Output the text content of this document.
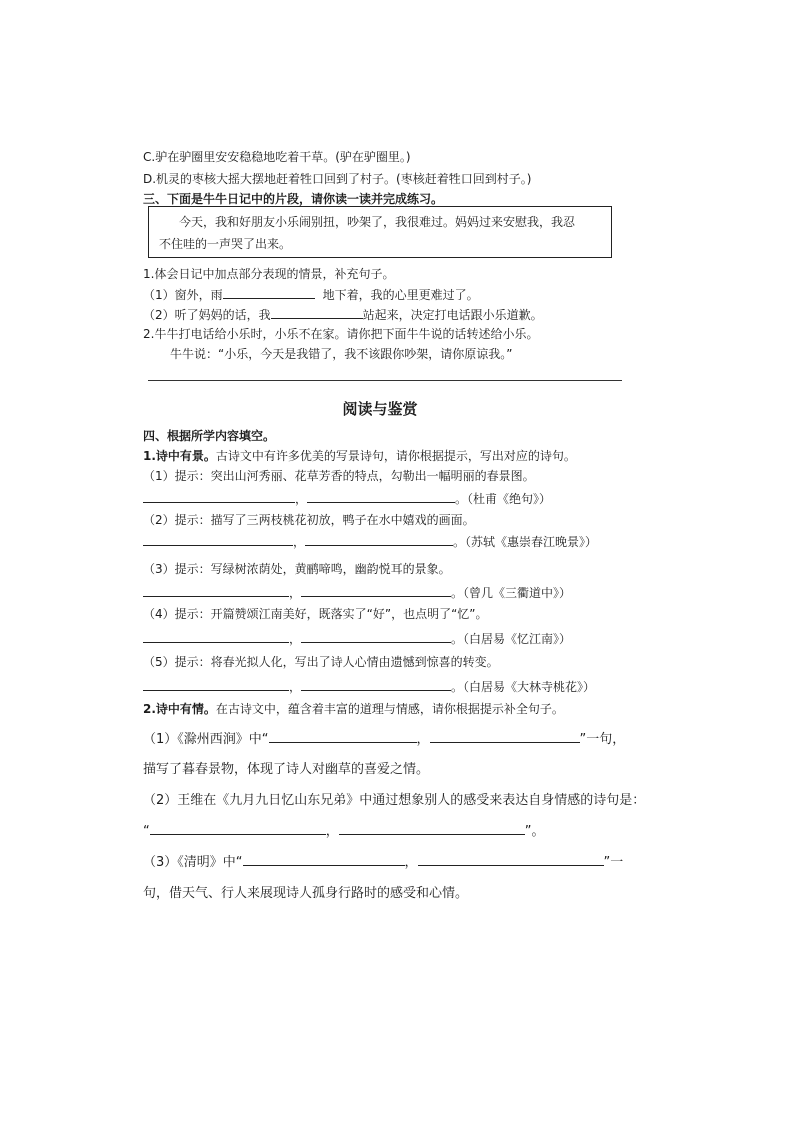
C.驴在驴圈里安安稳稳地吃着干草。(驴在驴圈里。)
D.机灵的枣核大摇大摆地赶着牲口回到了村子。(枣核赶着牲口回到村子。)
三、下面是牛牛日记中的片段，请你读一读并完成练习。
今天，我和好朋友小乐闹别扭，吵架了，我很难过。妈妈过来安慰我，我忍
不住哇的一声哭了出来。
1.体会日记中加点部分表现的情景，补充句子。
（1）窗外，雨	地下着，我的心里更难过了。
（2）听了妈妈的话，我	站起来，决定打电话跟小乐道歉。
2.牛牛打电话给小乐时，小乐不在家。请你把下面牛牛说的话转述给小乐。
牛牛说：“小乐，今天是我错了，我不该跟你吵架，请你原谅我。”
阅读与鉴赏
四、根据所学内容填空。
1.诗中有景。古诗文中有许多优美的写景诗句，请你根据提示，写出对应的诗句。
（1）提示：突出山河秀丽、花草芳香的特点，勾勒出一幅明丽的春景图。
，	。（杜甫《绝句》）
（2）提示：描写了三两枝桃花初放，鸭子在水中嬉戏的画面。
，	。（苏轼《惠崇春江晚景》）
（3）提示：写绿树浓荫处，黄鹂啼鸣，幽韵悦耳的景象。
，	。（曾几《三衢道中》）
（4）提示：开篇赞颂江南美好，既落实了“好”，也点明了“忆”。
，	。（白居易《忆江南》）
（5）提示：将春光拟人化，写出了诗人心情由遗憾到惊喜的转变。
，	。（白居易《大林寺桃花》）
2.诗中有情。在古诗文中，蕴含着丰富的道理与情感，请你根据提示补全句子。
（1）《滁州西涧》中“	，	”一句，
描写了暮春景物，体现了诗人对幽草的喜爱之情。
（2）王维在《九月九日忆山东兄弟》中通过想象别人的感受来表达自身情感的诗句是：
“	，	”。
（3）《清明》中“	，	”一
句，借天气、行人来展现诗人孤身行路时的感受和心情。
